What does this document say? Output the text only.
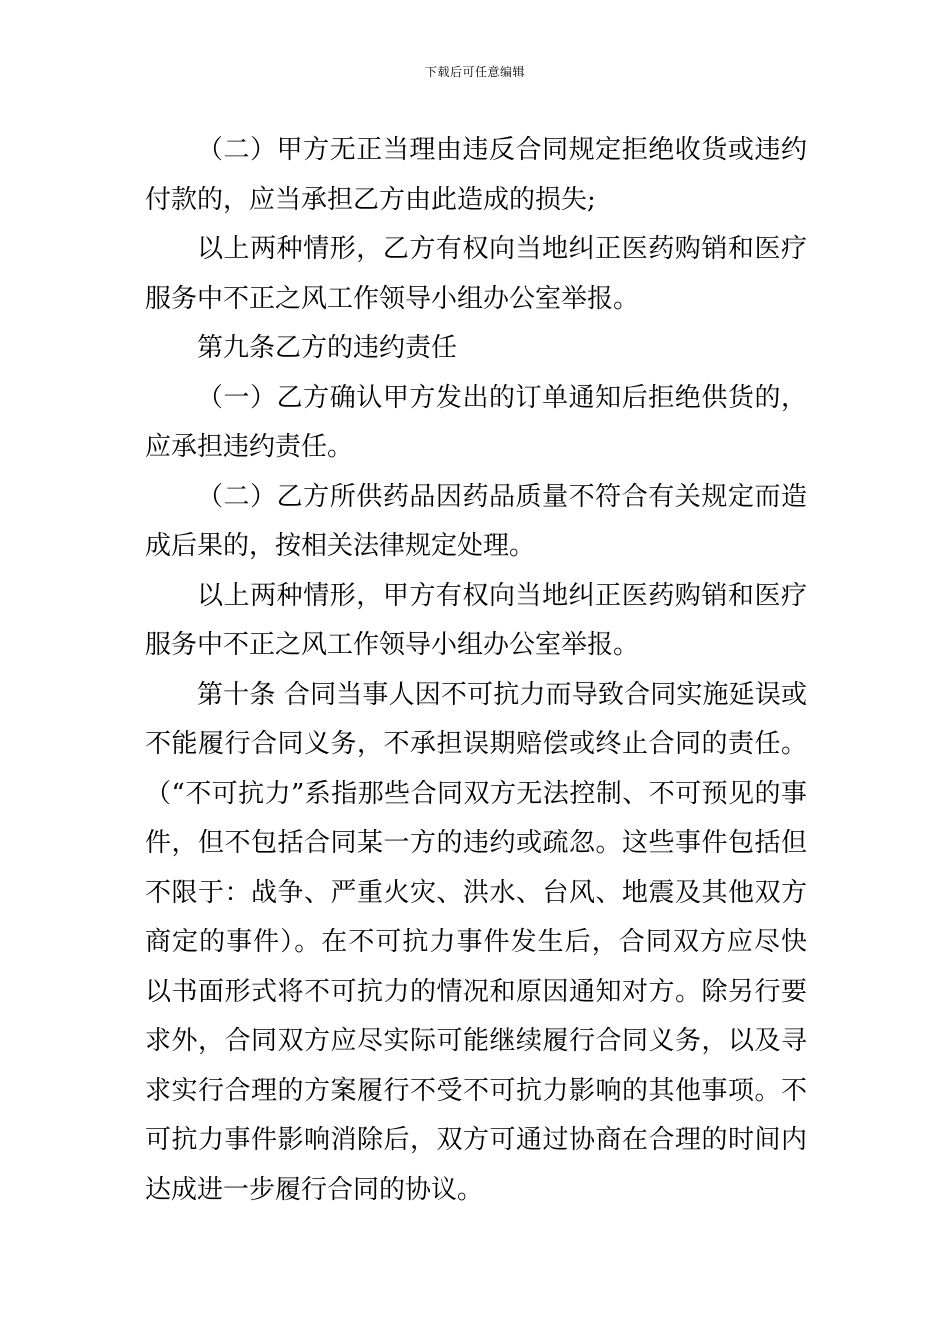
下载后可任意编辑

（二）甲方无正当理由违反合同规定拒绝收货或违约付款的，应当承担乙方由此造成的损失;

以上两种情形，乙方有权向当地纠正医药购销和医疗服务中不正之风工作领导小组办公室举报。

第九条乙方的违约责任

（一）乙方确认甲方发出的订单通知后拒绝供货的，应承担违约责任。

（二）乙方所供药品因药品质量不符合有关规定而造成后果的，按相关法律规定处理。

以上两种情形，甲方有权向当地纠正医药购销和医疗服务中不正之风工作领导小组办公室举报。

第十条 合同当事人因不可抗力而导致合同实施延误或不能履行合同义务，不承担误期赔偿或终止合同的责任。（“不可抗力”系指那些合同双方无法控制、不可预见的事件，但不包括合同某一方的违约或疏忽。这些事件包括但不限于：战争、严重火灾、洪水、台风、地震及其他双方商定的事件）。在不可抗力事件发生后，合同双方应尽快以书面形式将不可抗力的情况和原因通知对方。除另行要求外，合同双方应尽实际可能继续履行合同义务，以及寻求实行合理的方案履行不受不可抗力影响的其他事项。不可抗力事件影响消除后，双方可通过协商在合理的时间内达成进一步履行合同的协议。
